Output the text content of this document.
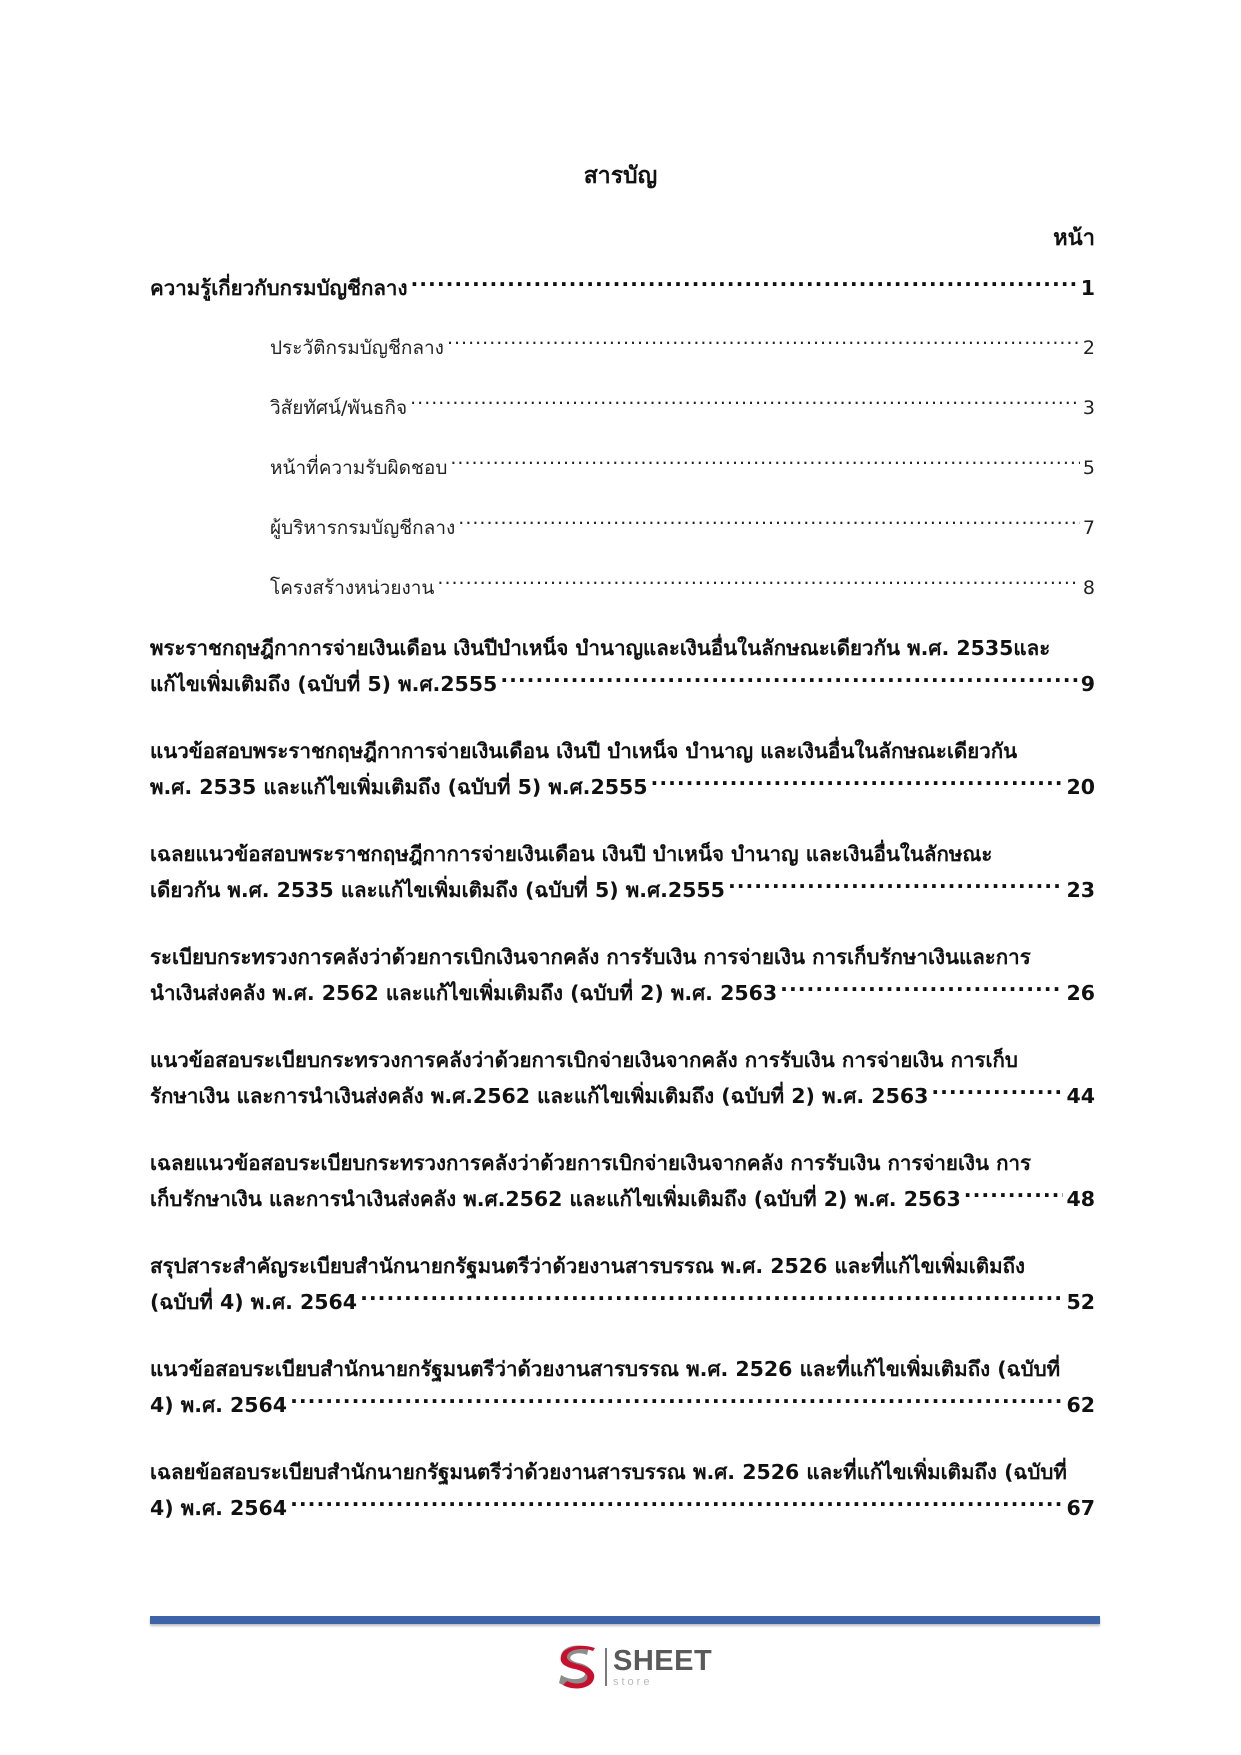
สารบัญ
หน้า
ความรู้เกี่ยวกับกรมบัญชีกลาง .....	1
ประวัติกรมบัญชีกลาง .....	2
วิสัยทัศน์/พันธกิจ .....	3
หน้าที่ความรับผิดชอบ .....	5
ผู้บริหารกรมบัญชีกลาง .....	7
โครงสร้างหน่วยงาน .....	8
พระราชกฤษฎีกาการจ่ายเงินเดือน เงินปีบำเหน็จ บำนาญและเงินอื่นในลักษณะเดียวกัน พ.ศ. 2535และ
แก้ไขเพิ่มเติมถึง (ฉบับที่ 5) พ.ศ.2555 .....	9
แนวข้อสอบพระราชกฤษฎีกาการจ่ายเงินเดือน เงินปี บำเหน็จ บำนาญ และเงินอื่นในลักษณะเดียวกัน
พ.ศ. 2535 และแก้ไขเพิ่มเติมถึง (ฉบับที่ 5) พ.ศ.2555 .....	20
เฉลยแนวข้อสอบพระราชกฤษฎีกาการจ่ายเงินเดือน เงินปี บำเหน็จ บำนาญ และเงินอื่นในลักษณะ
เดียวกัน พ.ศ. 2535 และแก้ไขเพิ่มเติมถึง (ฉบับที่ 5) พ.ศ.2555 .....	23
ระเบียบกระทรวงการคลังว่าด้วยการเบิกเงินจากคลัง การรับเงิน การจ่ายเงิน การเก็บรักษาเงินและการ
นำเงินส่งคลัง พ.ศ. 2562 และแก้ไขเพิ่มเติมถึง (ฉบับที่ 2) พ.ศ. 2563 .....	26
แนวข้อสอบระเบียบกระทรวงการคลังว่าด้วยการเบิกจ่ายเงินจากคลัง การรับเงิน การจ่ายเงิน การเก็บ
รักษาเงิน และการนำเงินส่งคลัง พ.ศ.2562 และแก้ไขเพิ่มเติมถึง (ฉบับที่ 2) พ.ศ. 2563 .....	44
เฉลยแนวข้อสอบระเบียบกระทรวงการคลังว่าด้วยการเบิกจ่ายเงินจากคลัง การรับเงิน การจ่ายเงิน การ
เก็บรักษาเงิน และการนำเงินส่งคลัง พ.ศ.2562 และแก้ไขเพิ่มเติมถึง (ฉบับที่ 2) พ.ศ. 2563 .....	48
สรุปสาระสำคัญระเบียบสำนักนายกรัฐมนตรีว่าด้วยงานสารบรรณ พ.ศ. 2526 และที่แก้ไขเพิ่มเติมถึง
(ฉบับที่ 4) พ.ศ. 2564 .....	52
แนวข้อสอบระเบียบสำนักนายกรัฐมนตรีว่าด้วยงานสารบรรณ พ.ศ. 2526 และที่แก้ไขเพิ่มเติมถึง (ฉบับที่
4) พ.ศ. 2564 .....	62
เฉลยข้อสอบระเบียบสำนักนายกรัฐมนตรีว่าด้วยงานสารบรรณ พ.ศ. 2526 และที่แก้ไขเพิ่มเติมถึง (ฉบับที่
4) พ.ศ. 2564 .....	67
SHEET
store
